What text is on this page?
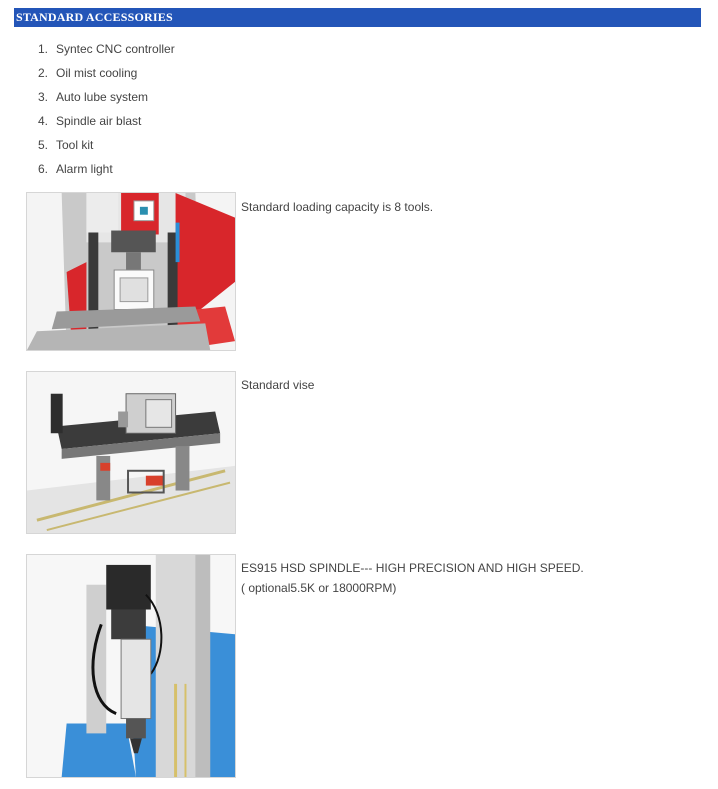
STANDARD ACCESSORIES
1. Syntec CNC controller
2. Oil mist cooling
3. Auto lube system
4. Spindle air blast
5. Tool kit
6. Alarm light
Standard loading capacity is 8 tools.
Standard vise
ES915 HSD SPINDLE--- HIGH PRECISION AND HIGH SPEED.
( optional5.5K or 18000RPM)
